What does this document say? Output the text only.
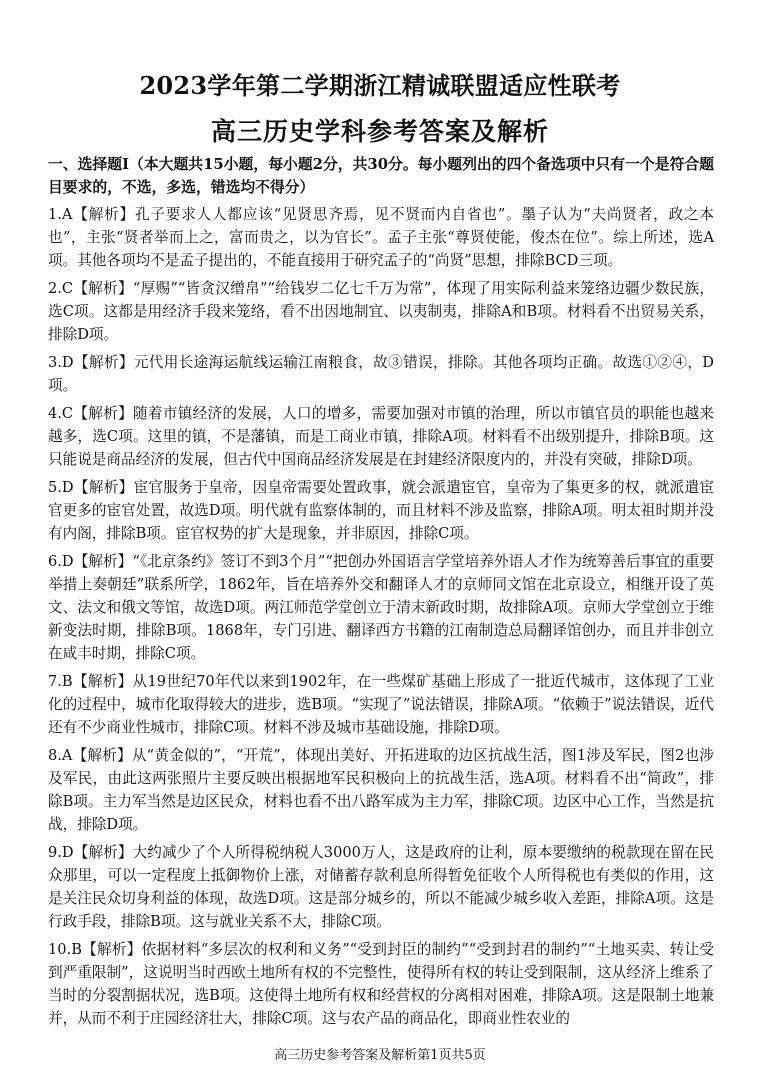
2023学年第二学期浙江精诚联盟适应性联考
高三历史学科参考答案及解析
一、选择题Ⅰ（本大题共15小题，每小题2分，共30分。每小题列出的四个备选项中只有一个是符合题目要求的，不选，多选，错选均不得分）
1.A【解析】孔子要求人人都应该“见贤思齐焉，见不贤而内自省也”。墨子认为“夫尚贤者，政之本也”，主张“贤者举而上之，富而贵之，以为官长”。孟子主张“尊贤使能，俊杰在位”。综上所述，选A项。其他各项均不是孟子提出的，不能直接用于研究孟子的“尚贤”思想，排除BCD三项。
2.C【解析】“厚赐”“皆贪汉缯帛”“给钱岁二亿七千万为常”，体现了用实际利益来笼络边疆少数民族，选C项。这都是用经济手段来笼络，看不出因地制宜、以夷制夷，排除A和B项。材料看不出贸易关系，排除D项。
3.D【解析】元代用长途海运航线运输江南粮食，故③错误，排除。其他各项均正确。故选①②④，D项。
4.C【解析】随着市镇经济的发展，人口的增多，需要加强对市镇的治理，所以市镇官员的职能也越来越多，选C项。这里的镇，不是藩镇，而是工商业市镇，排除A项。材料看不出级别提升，排除B项。这只能说是商品经济的发展，但古代中国商品经济发展是在封建经济限度内的，并没有突破，排除D项。
5.D【解析】宦官服务于皇帝，因皇帝需要处置政事，就会派遣宦官，皇帝为了集更多的权，就派遣宦官更多的宦官处置，故选D项。明代就有监察体制的，而且材料不涉及监察，排除A项。明太祖时期并没有内阁，排除B项。宦官权势的扩大是现象，并非原因，排除C项。
6.D【解析】“《北京条约》签订不到3个月”“把创办外国语言学堂培养外语人才作为统筹善后事宜的重要举措上奏朝廷”联系所学，1862年，旨在培养外交和翻译人才的京师同文馆在北京设立，相继开设了英文、法文和俄文等馆，故选D项。两江师范学堂创立于清末新政时期，故排除A项。京师大学堂创立于维新变法时期，排除B项。1868年，专门引进、翻译西方书籍的江南制造总局翻译馆创办，而且并非创立在咸丰时期，排除C项。
7.B【解析】从19世纪70年代以来到1902年，在一些煤矿基础上形成了一批近代城市，这体现了工业化的过程中，城市化取得较大的进步，选B项。“实现了”说法错误，排除A项。“依赖于”说法错误，近代还有不少商业性城市，排除C项。材料不涉及城市基础设施，排除D项。
8.A【解析】从“黄金似的”，“开荒”，体现出美好、开拓进取的边区抗战生活，图1涉及军民，图2也涉及军民，由此这两张照片主要反映出根据地军民积极向上的抗战生活，选A项。材料看不出“简政”，排除B项。主力军当然是边区民众，材料也看不出八路军成为主力军，排除C项。边区中心工作，当然是抗战，排除D项。
9.D【解析】大约减少了个人所得税纳税人3000万人，这是政府的让利，原本要缴纳的税款现在留在民众那里，可以一定程度上抵御物价上涨，对储蓄存款利息所得暂免征收个人所得税也有类似的作用，这是关注民众切身利益的体现，故选D项。这是部分城乡的，所以不能减少城乡收入差距，排除A项。这是行政手段，排除B项。这与就业关系不大，排除C项。
10.B【解析】依据材料“多层次的权利和义务”“受到封臣的制约”“受到封君的制约”“土地买卖、转让受到严重限制”，这说明当时西欧土地所有权的不完整性，使得所有权的转让受到限制，这从经济上维系了当时的分裂割据状况，选B项。这使得土地所有权和经营权的分离相对困难，排除A项。这是限制土地兼并，从而不利于庄园经济壮大，排除C项。这与农产品的商品化，即商业性农业的
高三历史参考答案及解析第1页共5页
